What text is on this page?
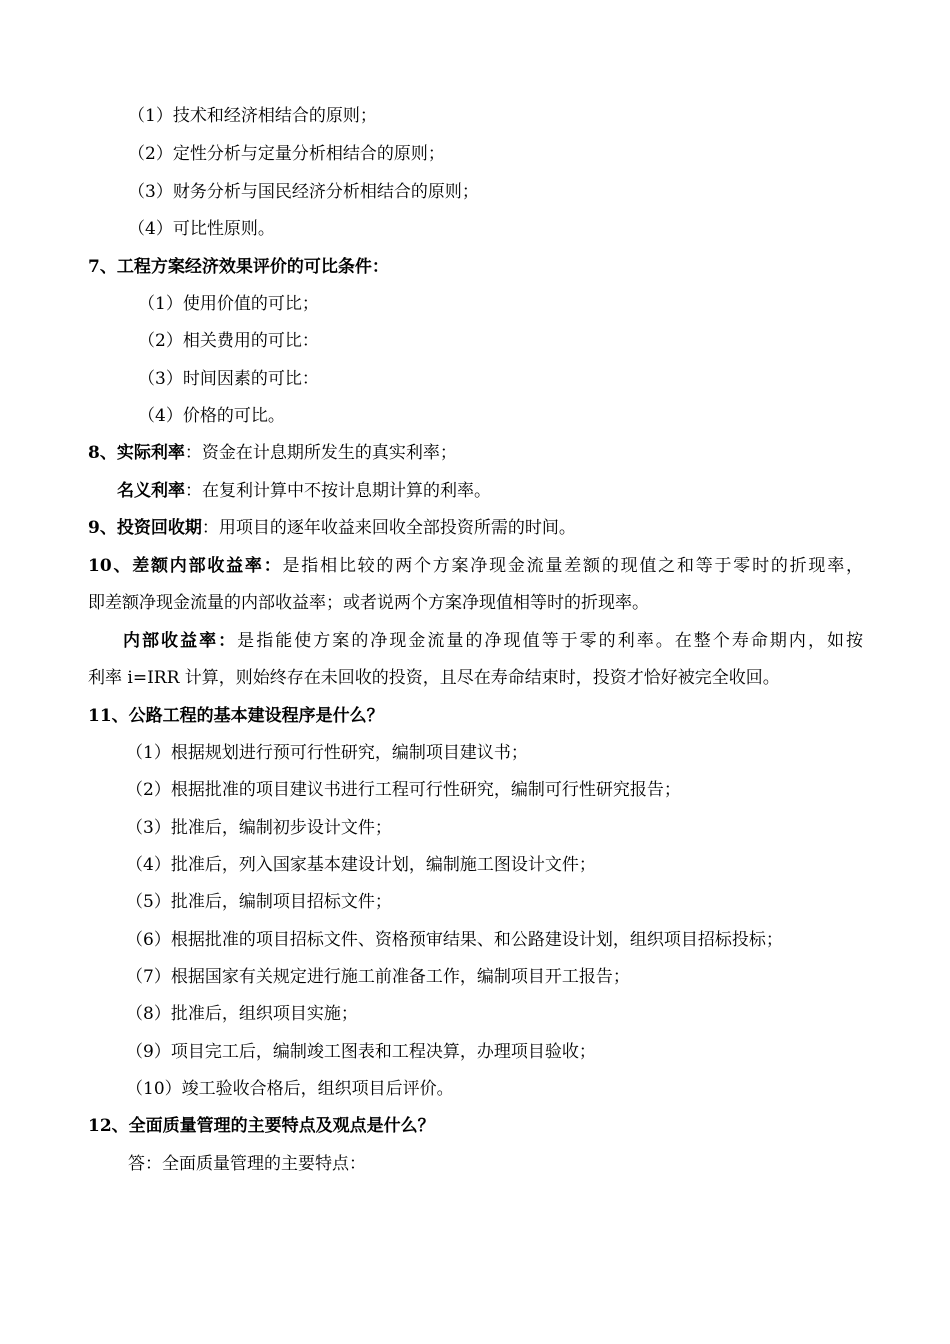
（1）技术和经济相结合的原则；
（2）定性分析与定量分析相结合的原则；
（3）财务分析与国民经济分析相结合的原则；
（4）可比性原则。
7、工程方案经济效果评价的可比条件：
（1）使用价值的可比；
（2）相关费用的可比：
（3）时间因素的可比：
（4）价格的可比。
8、实际利率：资金在计息期所发生的真实利率；
名义利率：在复利计算中不按计息期计算的利率。
9、投资回收期：用项目的逐年收益来回收全部投资所需的时间。
10、差额内部收益率：是指相比较的两个方案净现金流量差额的现值之和等于零时的折现率，
即差额净现金流量的内部收益率；或者说两个方案净现值相等时的折现率。
内部收益率：是指能使方案的净现金流量的净现值等于零的利率。在整个寿命期内，如按
利率 i=IRR 计算，则始终存在未回收的投资，且尽在寿命结束时，投资才恰好被完全收回。
11、公路工程的基本建设程序是什么？
（1）根据规划进行预可行性研究，编制项目建议书；
（2）根据批准的项目建议书进行工程可行性研究，编制可行性研究报告；
（3）批准后，编制初步设计文件；
（4）批准后，列入国家基本建设计划，编制施工图设计文件；
（5）批准后，编制项目招标文件；
（6）根据批准的项目招标文件、资格预审结果、和公路建设计划，组织项目招标投标；
（7）根据国家有关规定进行施工前准备工作，编制项目开工报告；
（8）批准后，组织项目实施；
（9）项目完工后，编制竣工图表和工程决算，办理项目验收；
（10）竣工验收合格后，组织项目后评价。
12、全面质量管理的主要特点及观点是什么？
答：全面质量管理的主要特点：
